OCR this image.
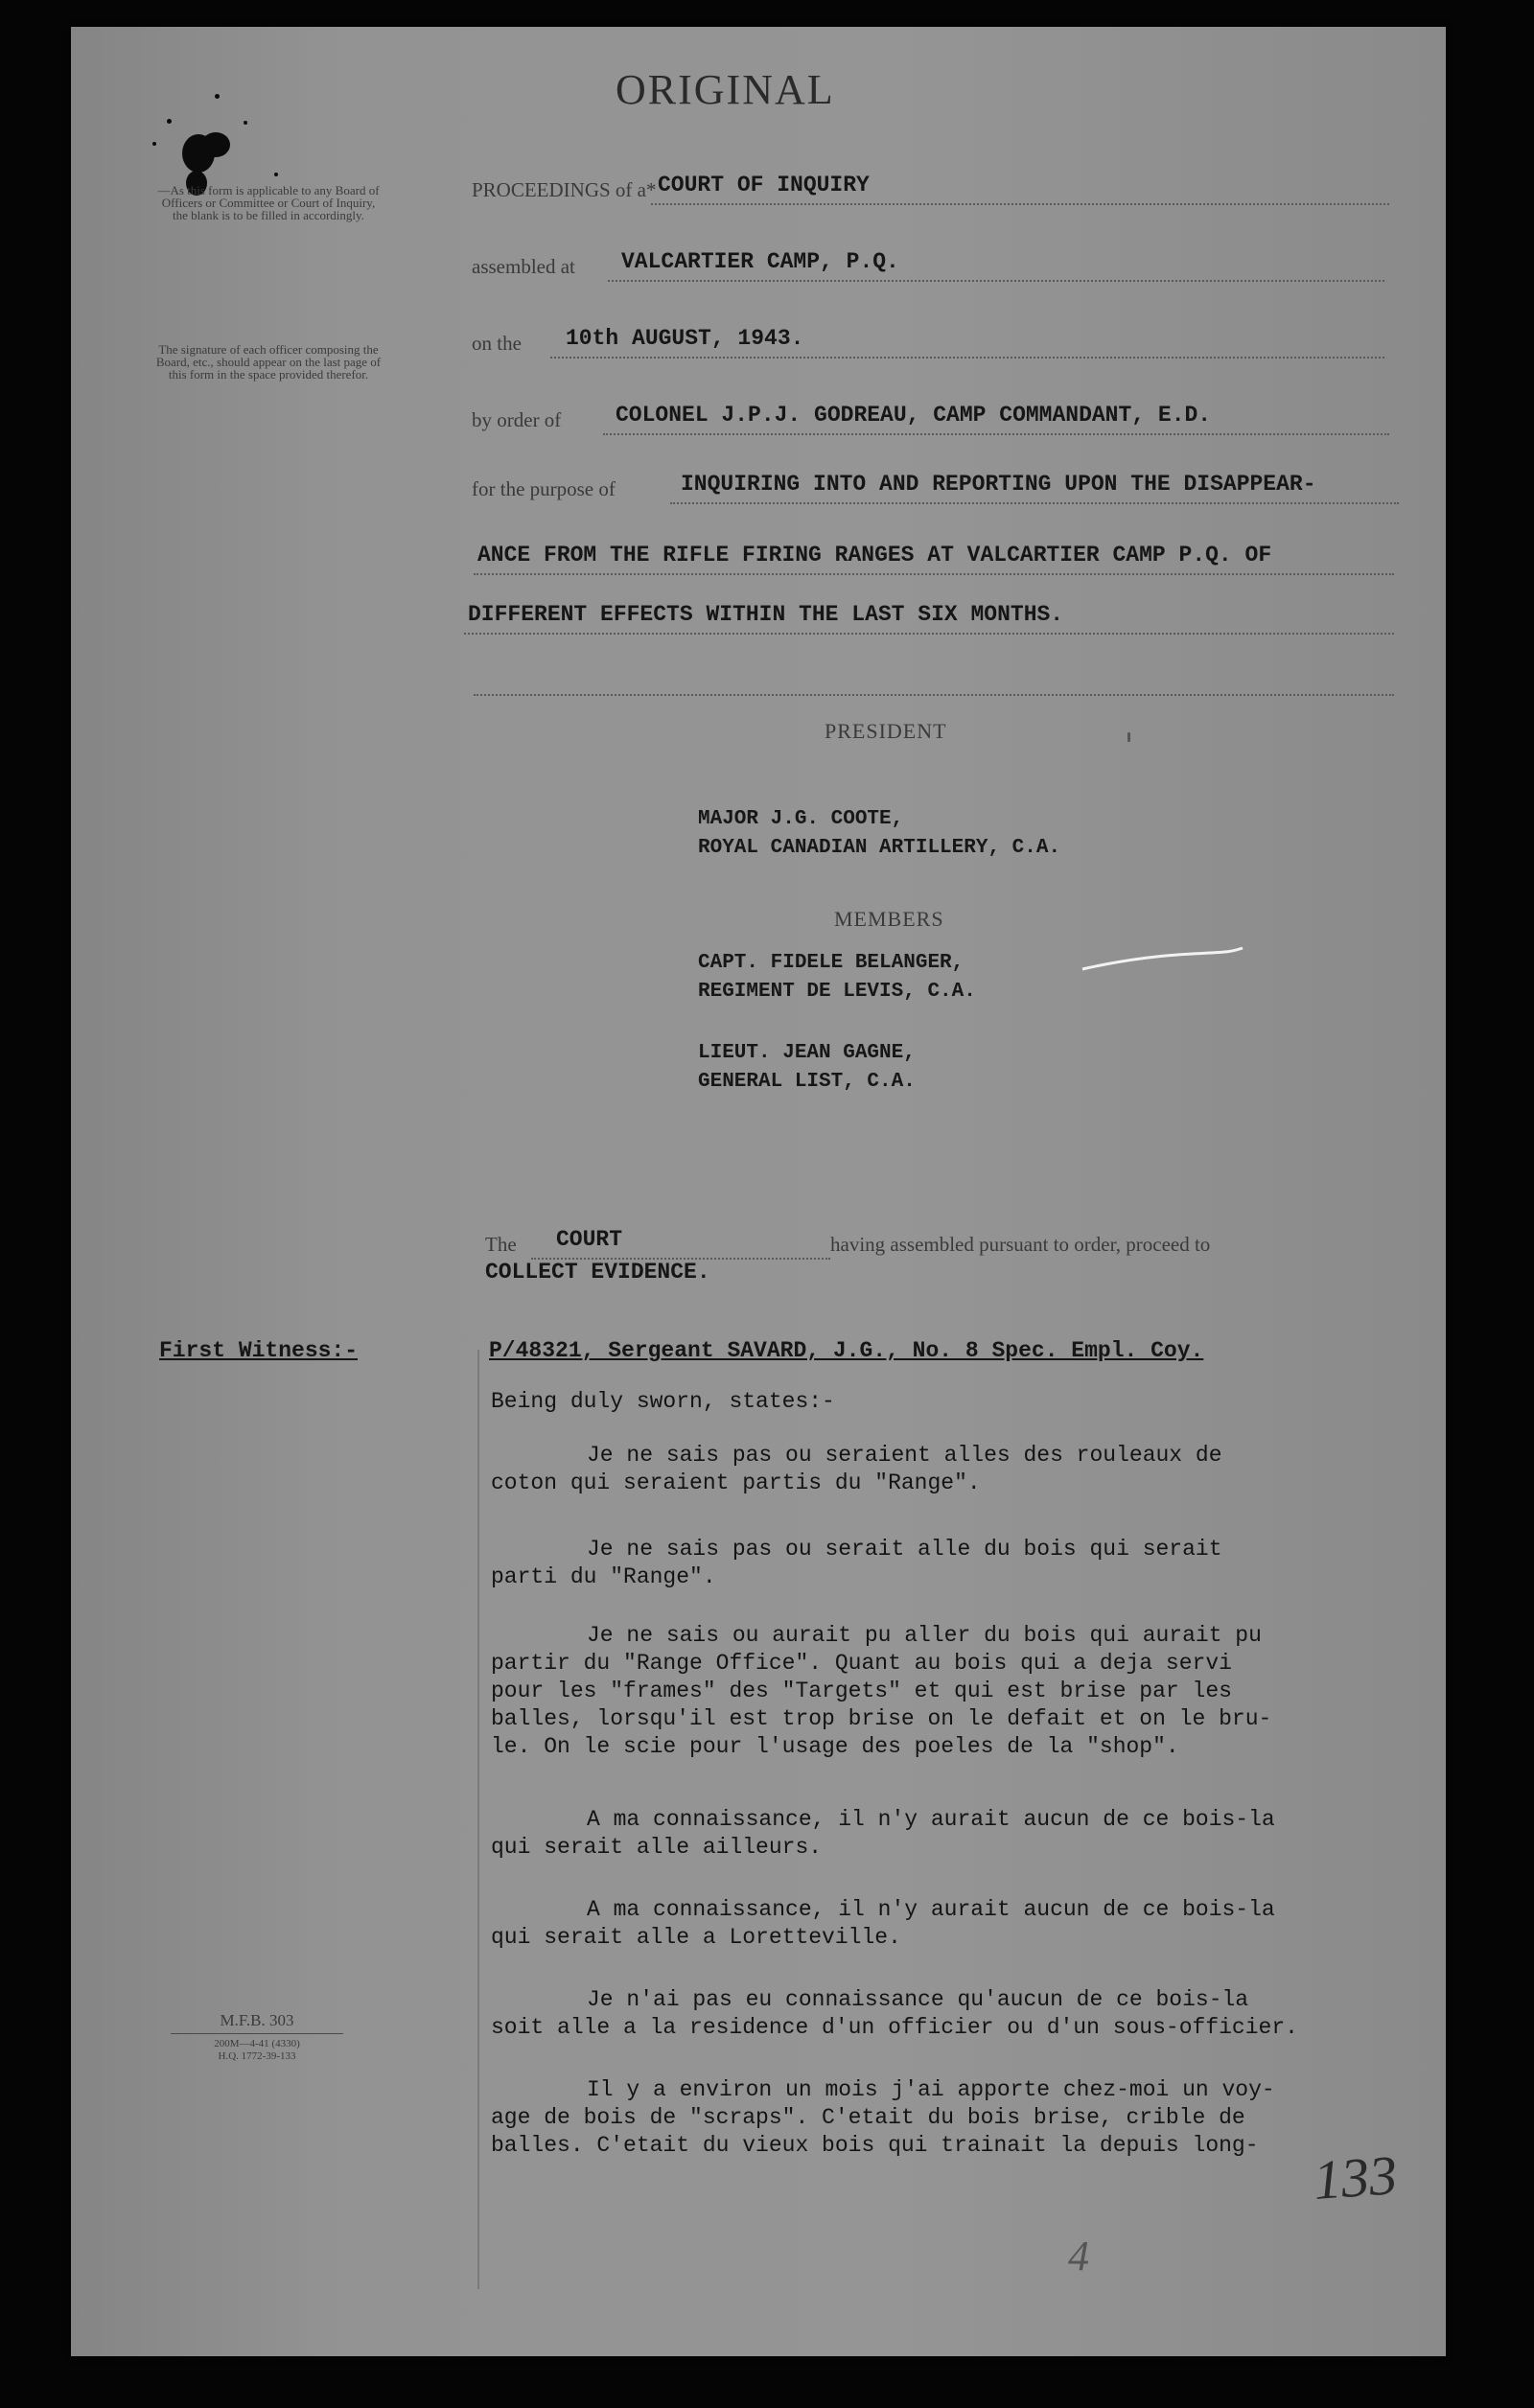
ORIGINAL
—As this form is applicable to any Board of Officers or Committee or Court of Inquiry, the blank is to be filled in accordingly.
The signature of each officer composing the Board, etc., should appear on the last page of this form in the space provided therefor.
PROCEEDINGS of a* COURT OF INQUIRY
assembled at VALCARTIER CAMP, P.Q.
on the 10th AUGUST, 1943.
by order of COLONEL J.P.J. GODREAU, CAMP COMMANDANT, E.D.
for the purpose of	INQUIRING INTO AND REPORTING UPON THE DISAPPEAR-
ANCE FROM THE RIFLE FIRING RANGES AT VALCARTIER CAMP P.Q. OF
DIFFERENT EFFECTS WITHIN THE LAST SIX MONTHS.
PRESIDENT
MAJOR J.G. COOTE,
ROYAL CANADIAN ARTILLERY, C.A.
MEMBERS
CAPT. FIDELE BELANGER,
REGIMENT DE LEVIS, C.A.
LIEUT. JEAN GAGNE,
GENERAL LIST, C.A.
The COURT	having assembled pursuant to order, proceed to
COLLECT EVIDENCE.
First Witness:-	P/48321, Sergeant SAVARD, J.G., No. 8 Spec. Empl. Coy.
Being duly sworn, states:-
Je ne sais pas ou seraient alles des rouleaux de
coton qui seraient partis du "Range".
Je ne sais pas ou serait alle du bois qui serait
parti du "Range".
Je ne sais ou aurait pu aller du bois qui aurait pu
partir du "Range Office". Quant au bois qui a deja servi
pour les "frames" des "Targets" et qui est brise par les
balles, lorsqu'il est trop brise on le defait et on le bru-
le. On le scie pour l'usage des poeles de la "shop".
A ma connaissance, il n'y aurait aucun de ce bois-la
qui serait alle ailleurs.
A ma connaissance, il n'y aurait aucun de ce bois-la
qui serait alle a Loretteville.
Je n'ai pas eu connaissance qu'aucun de ce bois-la
soit alle a la residence d'un officier ou d'un sous-officier.
Il y a environ un mois j'ai apporte chez-moi un voy-
age de bois de "scraps". C'etait du bois brise, crible de
balles. C'etait du vieux bois qui trainait la depuis long-
M.F.B. 303
200M—4-41 (4330)
H.Q. 1772-39-133
133
4
